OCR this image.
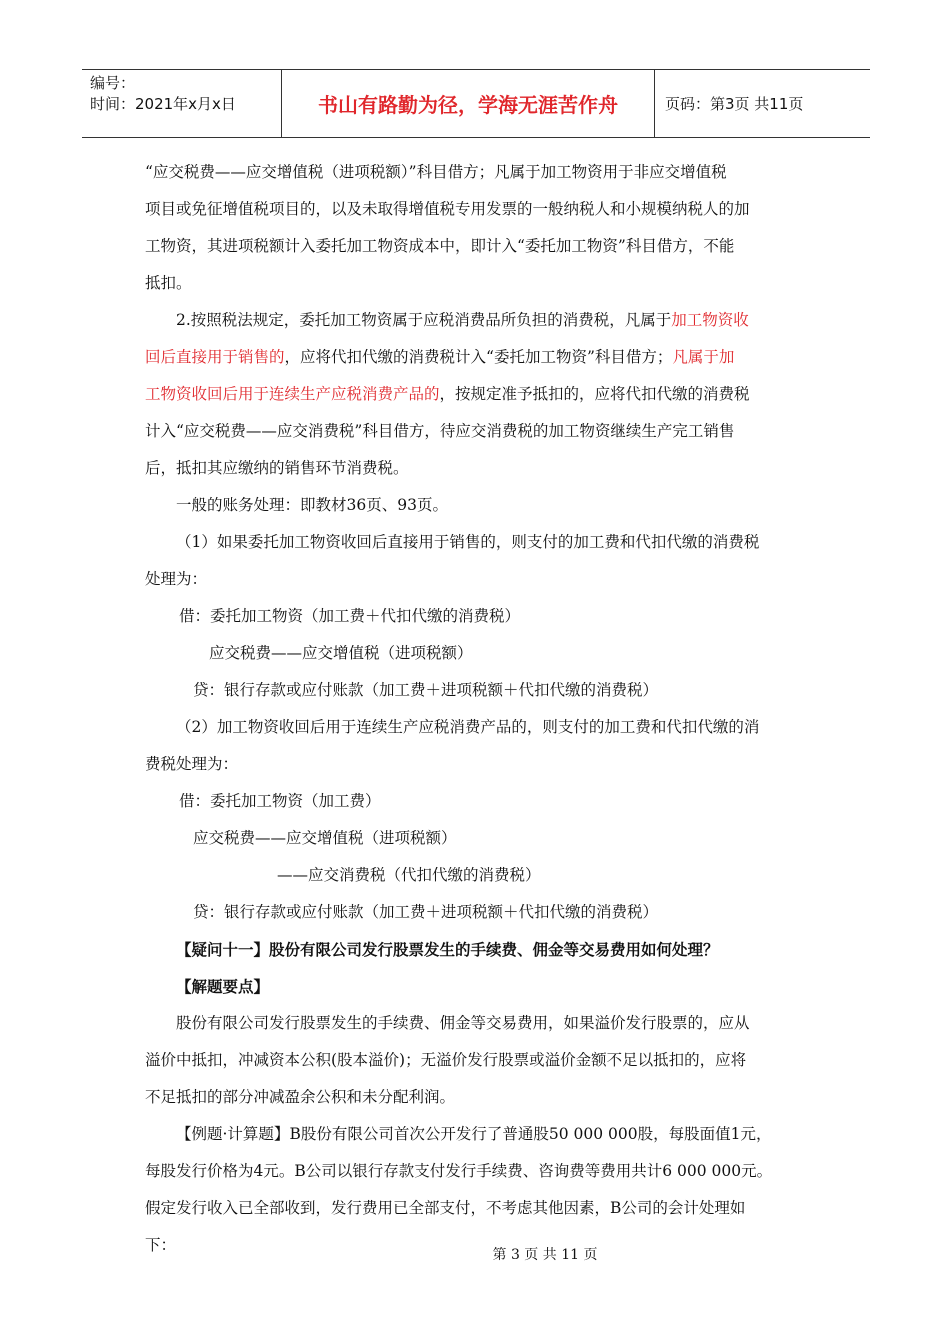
编号：
时间：2021年x月x日	书山有路勤为径，学海无涯苦作舟	页码：第3页 共11页
“应交税费——应交增值税（进项税额）”科目借方；凡属于加工物资用于非应交增值税
项目或免征增值税项目的，以及未取得增值税专用发票的一般纳税人和小规模纳税人的加
工物资，其进项税额计入委托加工物资成本中，即计入“委托加工物资”科目借方，不能
抵扣。
2.按照税法规定，委托加工物资属于应税消费品所负担的消费税，凡属于加工物资收
回后直接用于销售的，应将代扣代缴的消费税计入“委托加工物资”科目借方；凡属于加
工物资收回后用于连续生产应税消费产品的，按规定准予抵扣的，应将代扣代缴的消费税
计入“应交税费——应交消费税”科目借方，待应交消费税的加工物资继续生产完工销售
后，抵扣其应缴纳的销售环节消费税。
一般的账务处理：即教材36页、93页。
（1）如果委托加工物资收回后直接用于销售的，则支付的加工费和代扣代缴的消费税
处理为：
借：委托加工物资（加工费＋代扣代缴的消费税）
应交税费——应交增值税（进项税额）
贷：银行存款或应付账款（加工费＋进项税额＋代扣代缴的消费税）
（2）加工物资收回后用于连续生产应税消费产品的，则支付的加工费和代扣代缴的消
费税处理为：
借：委托加工物资（加工费）
应交税费——应交增值税（进项税额）
——应交消费税（代扣代缴的消费税）
贷：银行存款或应付账款（加工费＋进项税额＋代扣代缴的消费税）
【疑问十一】股份有限公司发行股票发生的手续费、佣金等交易费用如何处理？
【解题要点】
股份有限公司发行股票发生的手续费、佣金等交易费用，如果溢价发行股票的，应从
溢价中抵扣，冲减资本公积(股本溢价)；无溢价发行股票或溢价金额不足以抵扣的，应将
不足抵扣的部分冲减盈余公积和未分配利润。
【例题·计算题】B股份有限公司首次公开发行了普通股50 000 000股，每股面值1元，
每股发行价格为4元。B公司以银行存款支付发行手续费、咨询费等费用共计6 000 000元。
假定发行收入已全部收到，发行费用已全部支付，不考虑其他因素，B公司的会计处理如
下：
第 3 页 共 11 页
